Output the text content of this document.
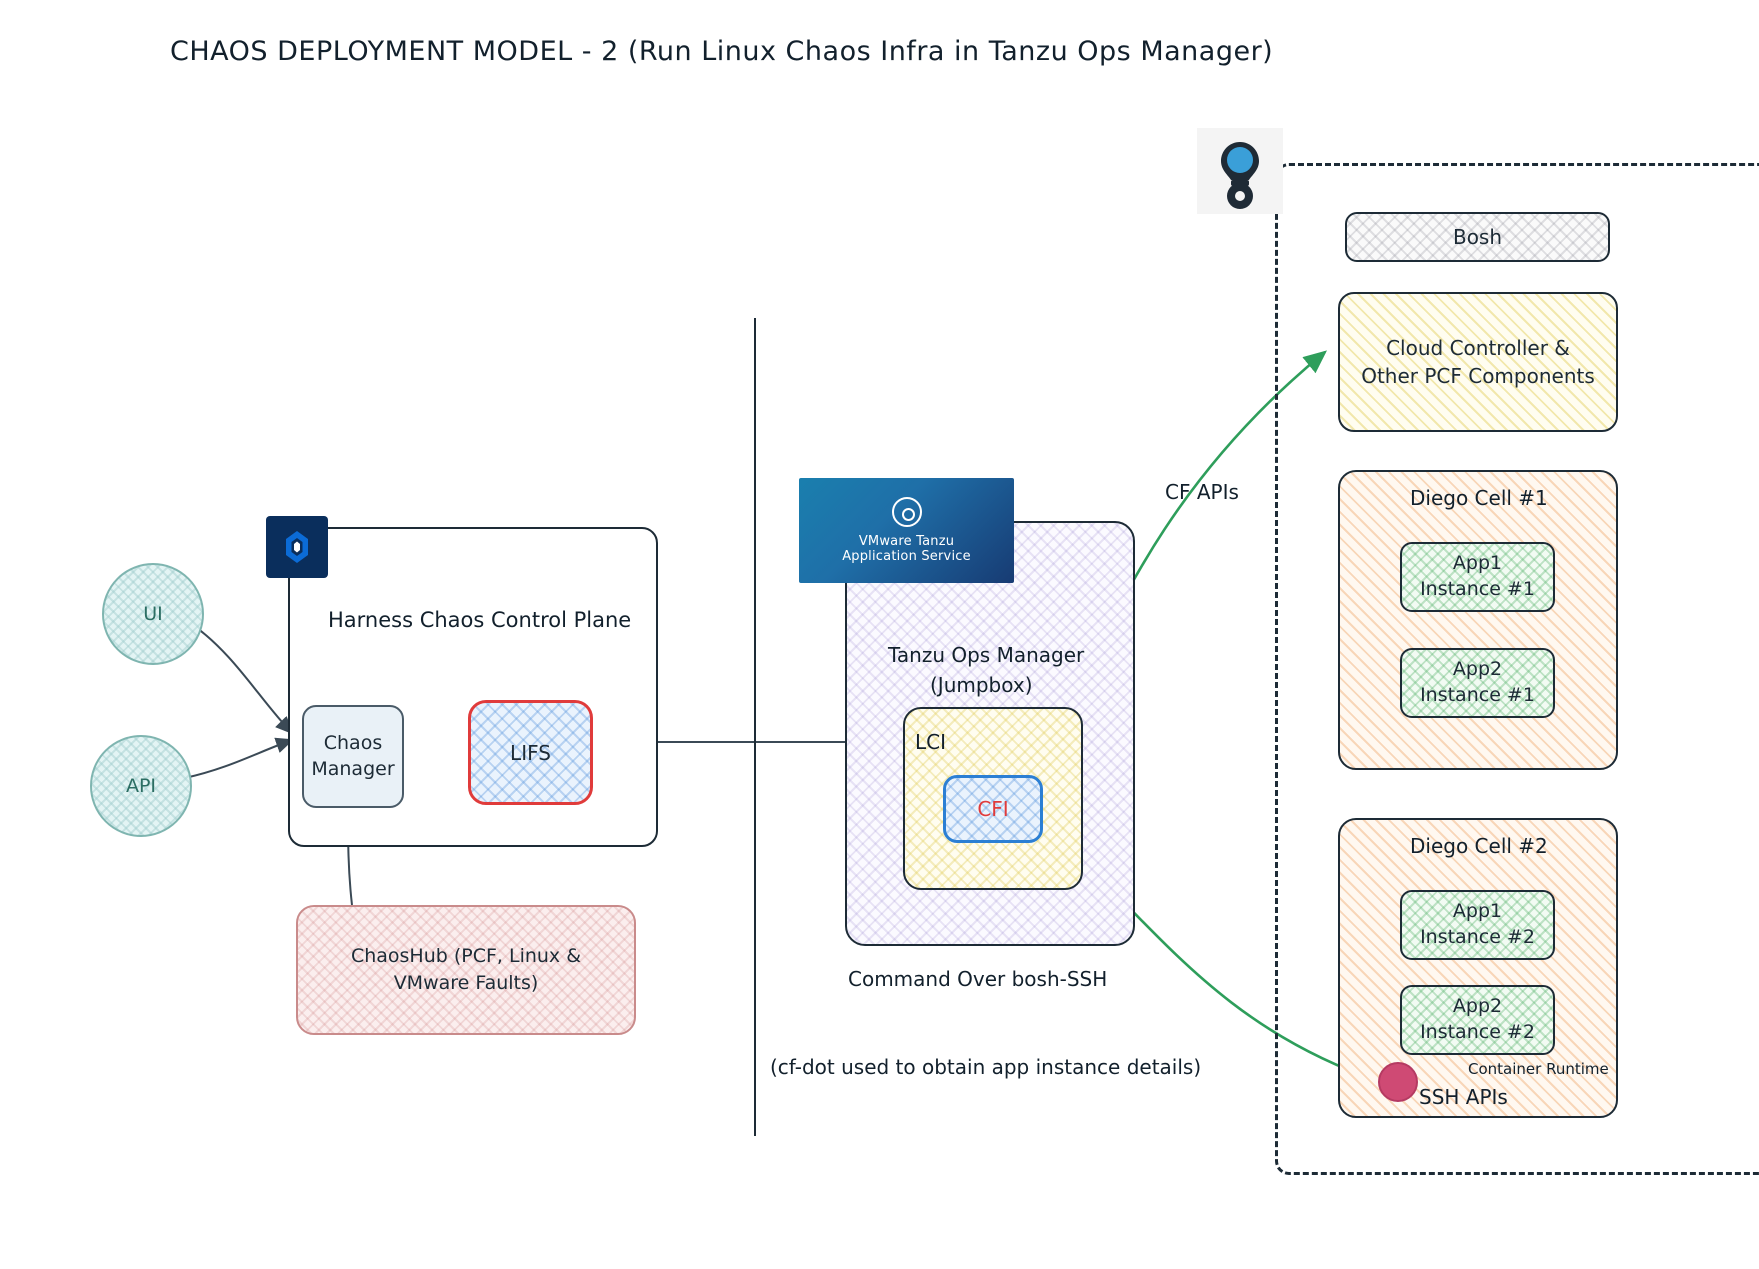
CHAOS DEPLOYMENT MODEL - 2 (Run Linux Chaos Infra in Tanzu Ops Manager)
UI
API
Harness Chaos Control Plane
Chaos
Manager
LIFS
ChaosHub (PCF, Linux &
VMware Faults)
VMware Tanzu
Application Service
Tanzu Ops Manager
(Jumpbox)
LCI
CFI
Command Over bosh-SSH
(cf-dot used to obtain app instance details)
CF APIs
Bosh
Cloud Controller &
Other PCF Components
Diego Cell #1
App1
Instance #1
App2
Instance #1
Diego Cell #2
App1
Instance #2
App2
Instance #2
SSH APIs
Container Runtime
